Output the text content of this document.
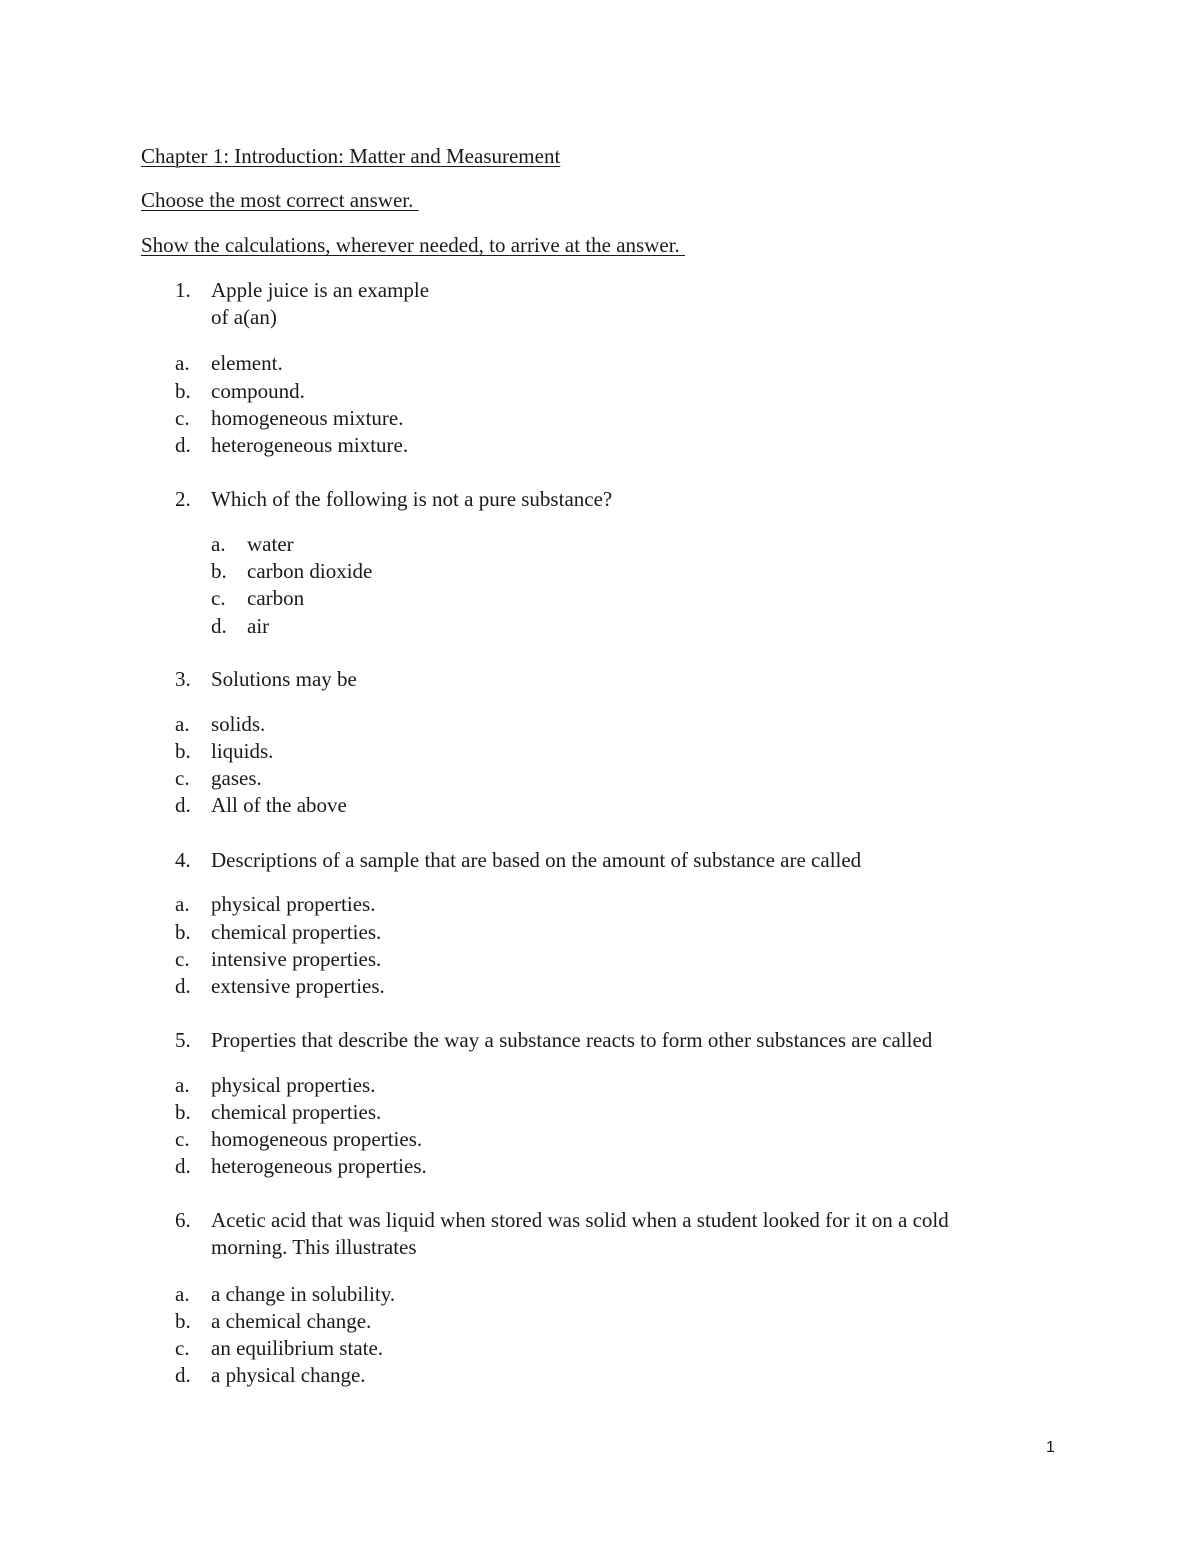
Chapter 1: Introduction: Matter and Measurement
Choose the most correct answer.
Show the calculations, wherever needed, to arrive at the answer.
1. Apple juice is an example
of a(an)
a. element.
b. compound.
c. homogeneous mixture.
d. heterogeneous mixture.
2. Which of the following is not a pure substance?
a. water
b. carbon dioxide
c. carbon
d. air
3. Solutions may be
a. solids.
b. liquids.
c. gases.
d. All of the above
4. Descriptions of a sample that are based on the amount of substance are called
a. physical properties.
b. chemical properties.
c. intensive properties.
d. extensive properties.
5. Properties that describe the way a substance reacts to form other substances are called
a. physical properties.
b. chemical properties.
c. homogeneous properties.
d. heterogeneous properties.
6. Acetic acid that was liquid when stored was solid when a student looked for it on a cold
morning. This illustrates
a. a change in solubility.
b. a chemical change.
c. an equilibrium state.
d. a physical change.
1
